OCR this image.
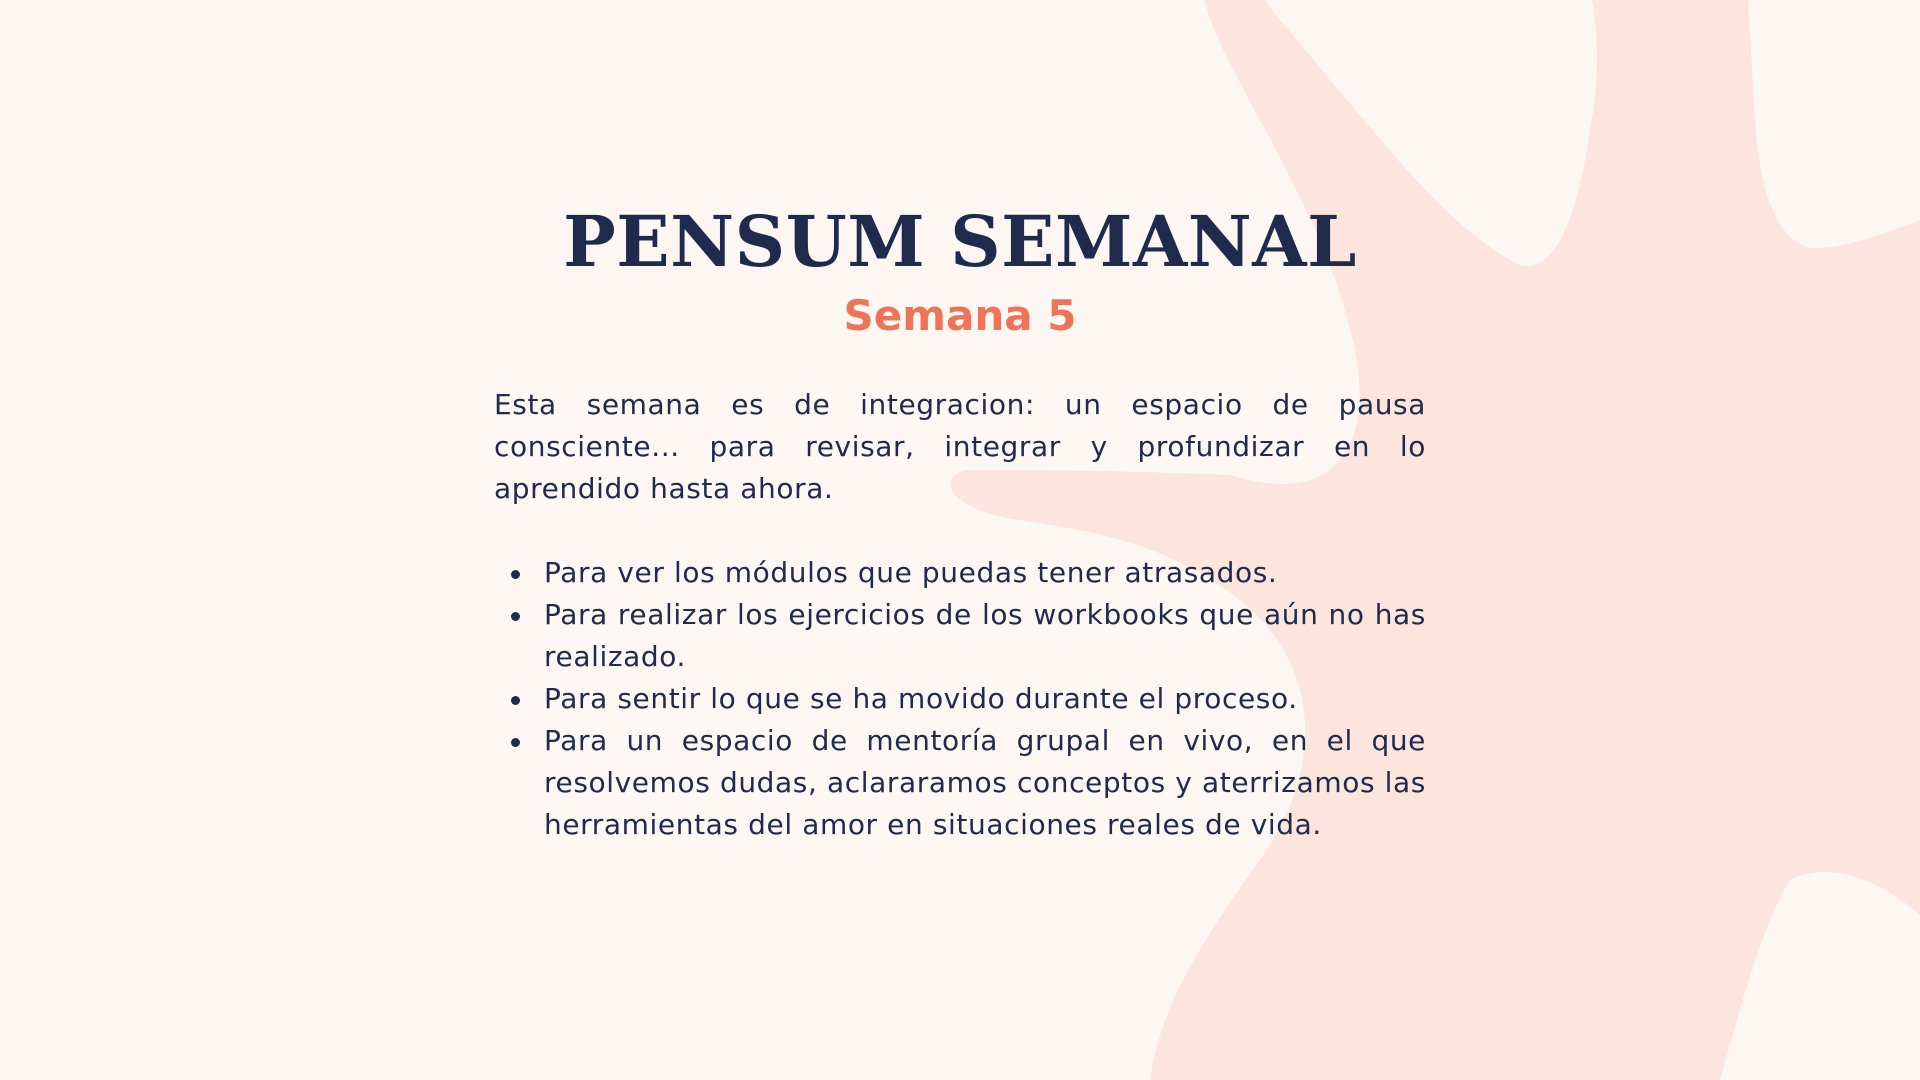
PENSUM SEMANAL
Semana 5

Esta semana es de integracion: un espacio de pausa consciente... para revisar, integrar y profundizar en lo aprendido hasta ahora.

Para ver los módulos que puedas tener atrasados.
Para realizar los ejercicios de los workbooks que aún no has realizado.
Para sentir lo que se ha movido durante el proceso.
Para un espacio de mentoría grupal en vivo, en el que resolvemos dudas, aclararamos conceptos y aterrizamos las herramientas del amor en situaciones reales de vida.
